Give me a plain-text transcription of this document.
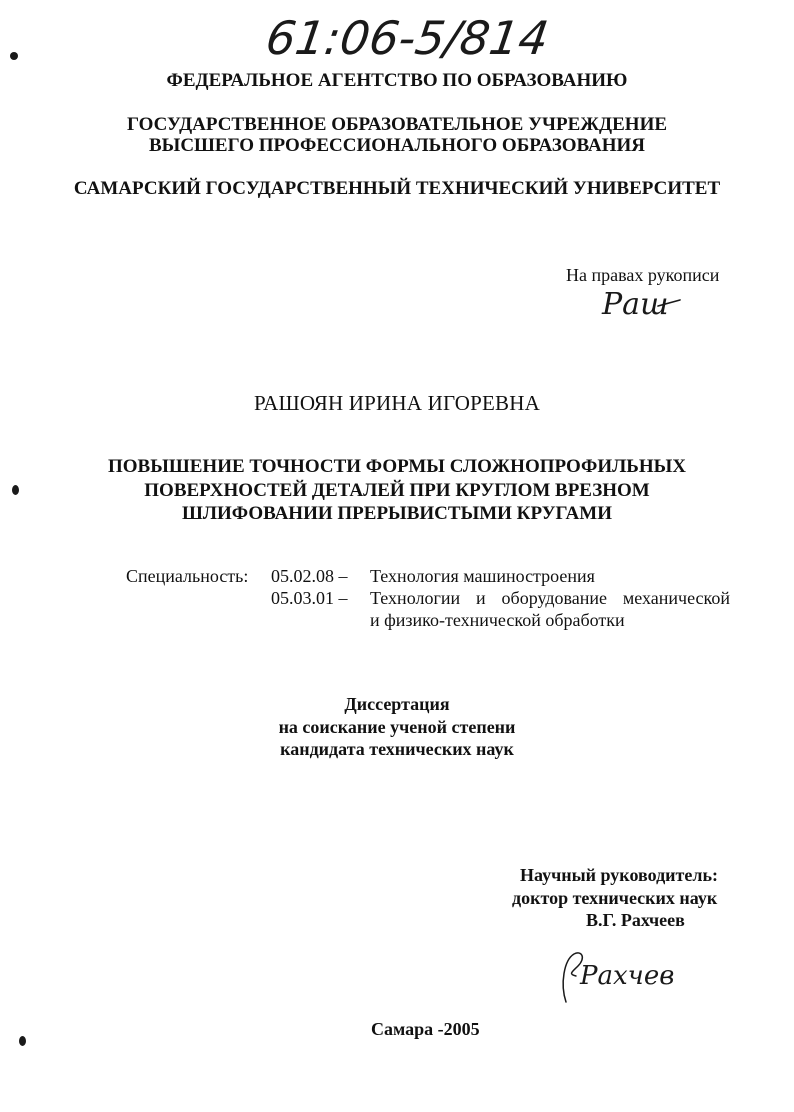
61:06-5/814
ФЕДЕРАЛЬНОЕ АГЕНТСТВО ПО ОБРАЗОВАНИЮ
ГОСУДАРСТВЕННОЕ ОБРАЗОВАТЕЛЬНОЕ УЧРЕЖДЕНИЕ
ВЫСШЕГО ПРОФЕССИОНАЛЬНОГО ОБРАЗОВАНИЯ
САМАРСКИЙ ГОСУДАРСТВЕННЫЙ ТЕХНИЧЕСКИЙ УНИВЕРСИТЕТ
На правах рукописи
Раш
РАШОЯН ИРИНА ИГОРЕВНА
ПОВЫШЕНИЕ ТОЧНОСТИ ФОРМЫ СЛОЖНОПРОФИЛЬНЫХ
ПОВЕРХНОСТЕЙ ДЕТАЛЕЙ ПРИ КРУГЛОМ ВРЕЗНОМ
ШЛИФОВАНИИ ПРЕРЫВИСТЫМИ КРУГАМИ
Специальность: 05.02.08 – Технология машиностроения
05.03.01 – Технологии и оборудование механической
и физико-технической обработки
Диссертация
на соискание ученой степени
кандидата технических наук
Научный руководитель:
доктор технических наук
В.Г. Рахчеев
Рахчев
Самара -2005
